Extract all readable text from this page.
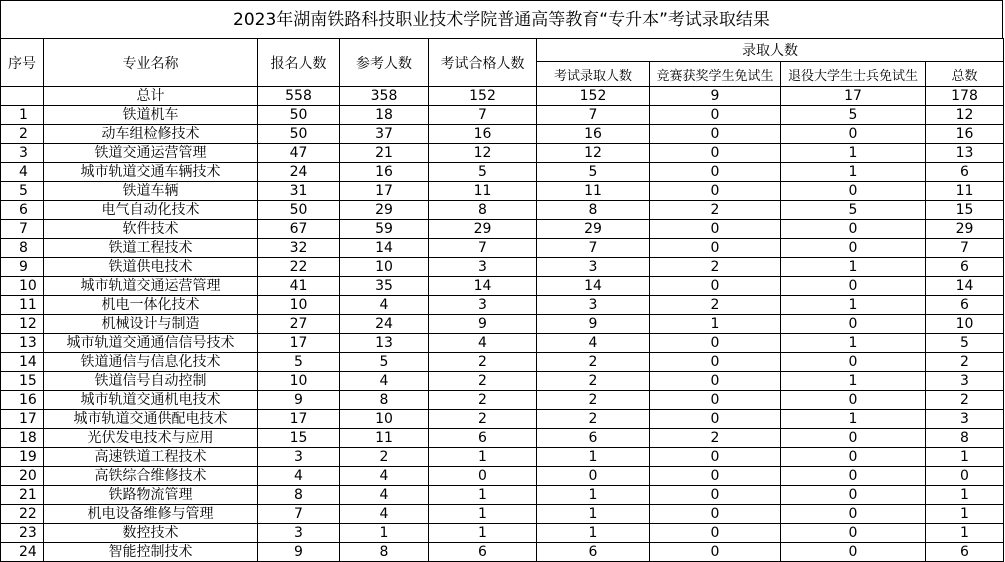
2023年湖南铁路科技职业技术学院普通高等教育“专升本”考试录取结果
序号	专业名称	报名人数	参考人数	考试合格人数	录取人数			
					考试录取人数	竞赛获奖学生免试生	退役大学生士兵免试生	总数
	总计	558	358	152	152	9	17	178
1	铁道机车	50	18	7	7	0	5	12
2	动车组检修技术	50	37	16	16	0	0	16
3	铁道交通运营管理	47	21	12	12	0	1	13
4	城市轨道交通车辆技术	24	16	5	5	0	1	6
5	铁道车辆	31	17	11	11	0	0	11
6	电气自动化技术	50	29	8	8	2	5	15
7	软件技术	67	59	29	29	0	0	29
8	铁道工程技术	32	14	7	7	0	0	7
9	铁道供电技术	22	10	3	3	2	1	6
10	城市轨道交通运营管理	41	35	14	14	0	0	14
11	机电一体化技术	10	4	3	3	2	1	6
12	机械设计与制造	27	24	9	9	1	0	10
13	城市轨道交通通信信号技术	17	13	4	4	0	1	5
14	铁道通信与信息化技术	5	5	2	2	0	0	2
15	铁道信号自动控制	10	4	2	2	0	1	3
16	城市轨道交通机电技术	9	8	2	2	0	0	2
17	城市轨道交通供配电技术	17	10	2	2	0	1	3
18	光伏发电技术与应用	15	11	6	6	2	0	8
19	高速铁道工程技术	3	2	1	1	0	0	1
20	高铁综合维修技术	4	4	0	0	0	0	0
21	铁路物流管理	8	4	1	1	0	0	1
22	机电设备维修与管理	7	4	1	1	0	0	1
23	数控技术	3	1	1	1	0	0	1
24	智能控制技术	9	8	6	6	0	0	6
